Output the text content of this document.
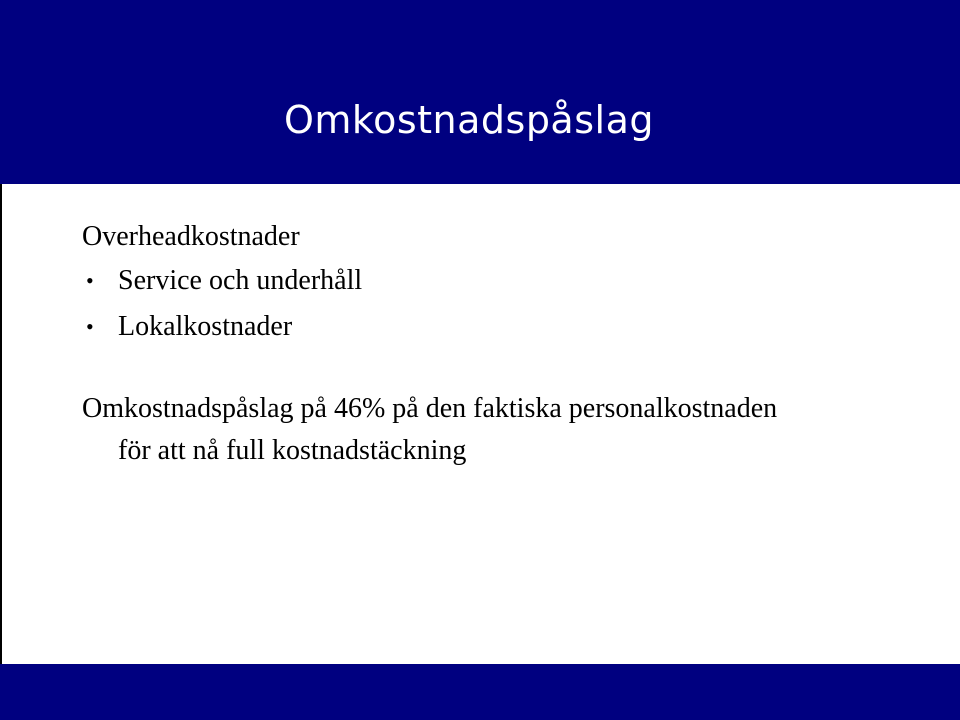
Omkostnadspåslag
Overheadkostnader
• Service och underhåll
• Lokalkostnader
Omkostnadspåslag på 46% på den faktiska personalkostnaden
för att nå full kostnadstäckning
